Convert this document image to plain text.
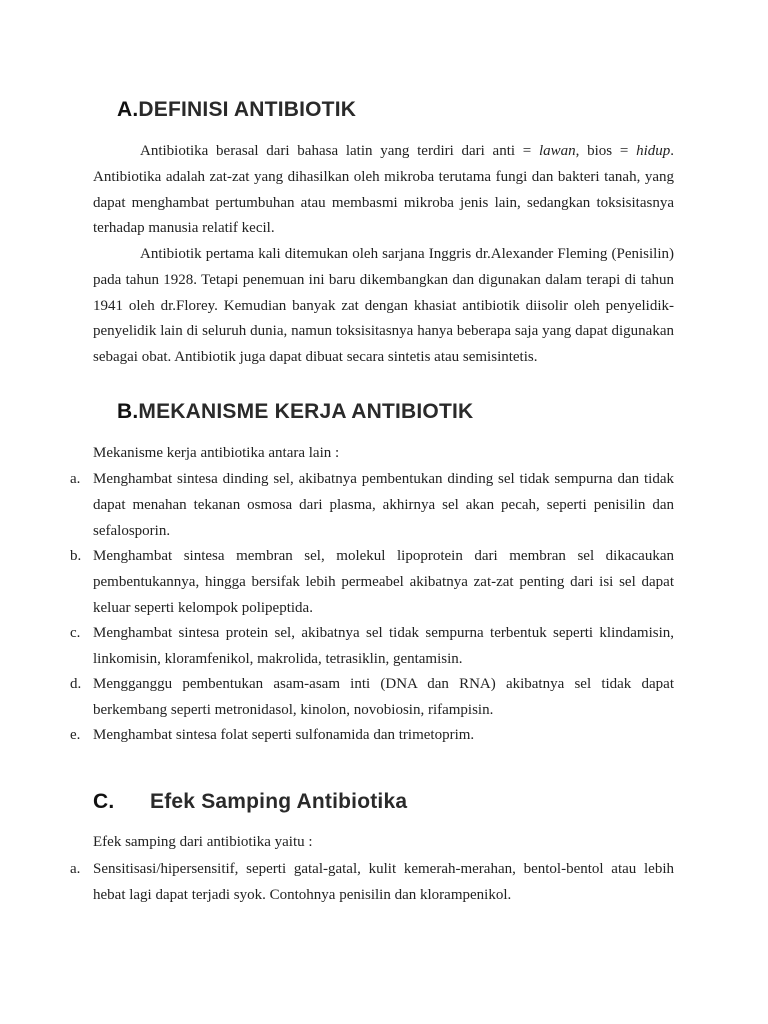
A.DEFINISI ANTIBIOTIK

Antibiotika berasal dari bahasa latin yang terdiri dari anti = lawan, bios = hidup. Antibiotika adalah zat-zat yang dihasilkan oleh mikroba terutama fungi dan bakteri tanah, yang dapat menghambat pertumbuhan atau membasmi mikroba jenis lain, sedangkan toksisitasnya terhadap manusia relatif kecil.

Antibiotik pertama kali ditemukan oleh sarjana Inggris dr.Alexander Fleming (Penisilin) pada tahun 1928. Tetapi penemuan ini baru dikembangkan dan digunakan dalam terapi di tahun 1941 oleh dr.Florey. Kemudian banyak zat dengan khasiat antibiotik diisolir oleh penyelidik-penyelidik lain di seluruh dunia, namun toksisitasnya hanya beberapa saja yang dapat digunakan sebagai obat. Antibiotik juga dapat dibuat secara sintetis atau semisintetis.

B.MEKANISME KERJA ANTIBIOTIK

Mekanisme kerja antibiotika antara lain :

a. Menghambat sintesa dinding sel, akibatnya pembentukan dinding sel tidak sempurna dan tidak dapat menahan tekanan osmosa dari plasma, akhirnya sel akan pecah, seperti penisilin dan sefalosporin.

b. Menghambat sintesa membran sel, molekul lipoprotein dari membran sel dikacaukan pembentukannya, hingga bersifak lebih permeabel akibatnya zat-zat penting dari isi sel dapat keluar seperti kelompok polipeptida.

c. Menghambat sintesa protein sel, akibatnya sel tidak sempurna terbentuk seperti klindamisin, linkomisin, kloramfenikol, makrolida, tetrasiklin, gentamisin.

d. Mengganggu pembentukan asam-asam inti (DNA dan RNA) akibatnya sel tidak dapat berkembang seperti metronidasol, kinolon, novobiosin, rifampisin.

e. Menghambat sintesa folat seperti sulfonamida dan trimetoprim.

C. Efek Samping Antibiotika

Efek samping dari antibiotika yaitu :

a. Sensitisasi/hipersensitif, seperti gatal-gatal, kulit kemerah-merahan, bentol-bentol atau lebih hebat lagi dapat terjadi syok. Contohnya penisilin dan klorampenikol.
